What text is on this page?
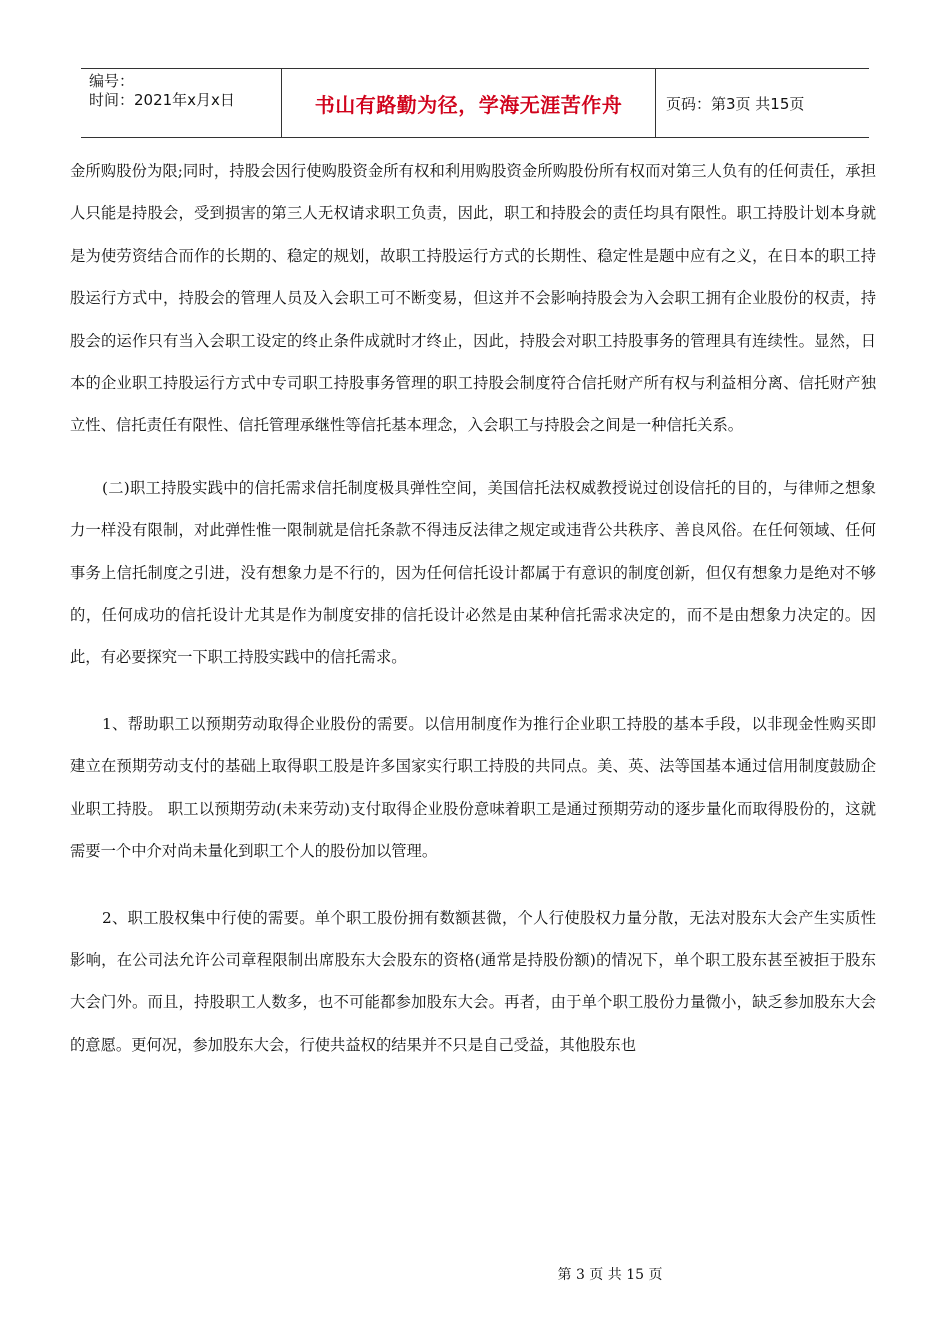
编号：
时间：2021年x月x日	书山有路勤为径，学海无涯苦作舟	页码：第3页 共15页

金所购股份为限;同时，持股会因行使购股资金所有权和利用购股资金所购股份所有权而对第三人负有的任何责任，承担人只能是持股会，受到损害的第三人无权请求职工负责，因此，职工和持股会的责任均具有限性。职工持股计划本身就是为使劳资结合而作的长期的、稳定的规划，故职工持股运行方式的长期性、稳定性是题中应有之义，在日本的职工持股运行方式中，持股会的管理人员及入会职工可不断变易，但这并不会影响持股会为入会职工拥有企业股份的权责，持股会的运作只有当入会职工设定的终止条件成就时才终止，因此，持股会对职工持股事务的管理具有连续性。显然，日本的企业职工持股运行方式中专司职工持股事务管理的职工持股会制度符合信托财产所有权与利益相分离、信托财产独立性、信托责任有限性、信托管理承继性等信托基本理念，入会职工与持股会之间是一种信托关系。

(二)职工持股实践中的信托需求信托制度极具弹性空间，美国信托法权威教授说过创设信托的目的，与律师之想象力一样没有限制，对此弹性惟一限制就是信托条款不得违反法律之规定或违背公共秩序、善良风俗。在任何领域、任何事务上信托制度之引进，没有想象力是不行的，因为任何信托设计都属于有意识的制度创新，但仅有想象力是绝对不够的，任何成功的信托设计尤其是作为制度安排的信托设计必然是由某种信托需求决定的，而不是由想象力决定的。因此，有必要探究一下职工持股实践中的信托需求。

1、帮助职工以预期劳动取得企业股份的需要。以信用制度作为推行企业职工持股的基本手段，以非现金性购买即建立在预期劳动支付的基础上取得职工股是许多国家实行职工持股的共同点。美、英、法等国基本通过信用制度鼓励企业职工持股。 职工以预期劳动(未来劳动)支付取得企业股份意味着职工是通过预期劳动的逐步量化而取得股份的，这就需要一个中介对尚未量化到职工个人的股份加以管理。

2、职工股权集中行使的需要。单个职工股份拥有数额甚微，个人行使股权力量分散，无法对股东大会产生实质性影响，在公司法允许公司章程限制出席股东大会股东的资格(通常是持股份额)的情况下，单个职工股东甚至被拒于股东大会门外。而且，持股职工人数多，也不可能都参加股东大会。再者，由于单个职工股份力量微小，缺乏参加股东大会的意愿。更何况，参加股东大会，行使共益权的结果并不只是自己受益，其他股东也

第 3 页 共 15 页
